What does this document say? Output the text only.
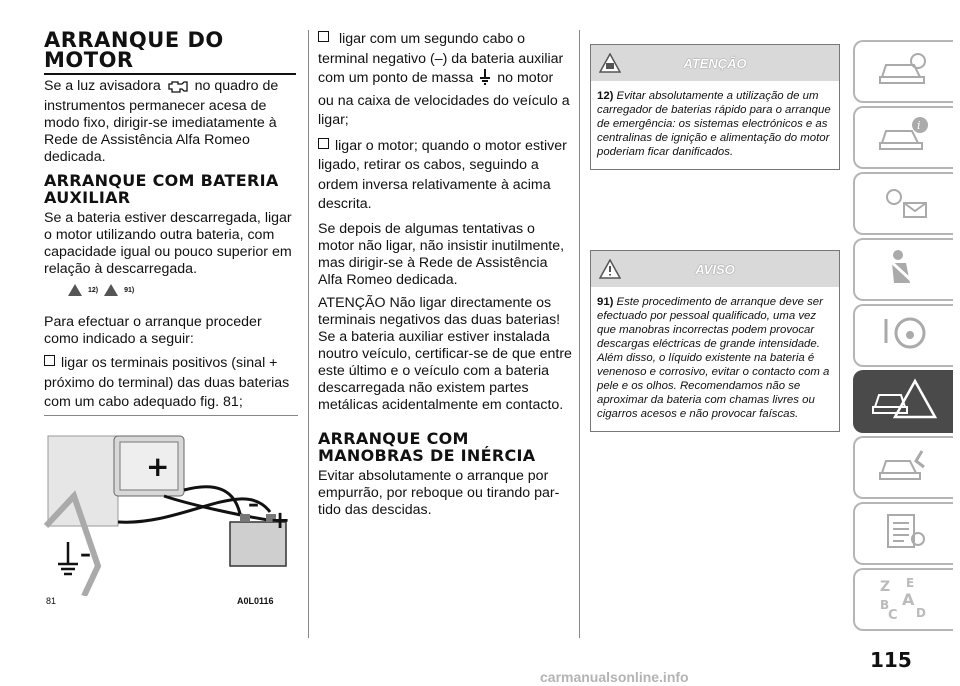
ARRANQUE DO MOTOR

Se a luz avisadora no quadro de instrumentos permanecer acesa de modo fixo, dirigir-se imediatamente à Rede de Assistência Alfa Romeo dedicada.

ARRANQUE COM BATERIA AUXILIAR

Se a bateria estiver descarregada, ligar o motor utilizando outra bateria, com capacidade igual ou pouco superior em relação à descarregada.

12)	91)

Para efectuar o arranque proceder como indicado a seguir:

ligar os terminais positivos (sinal + próximo do terminal) das duas baterias com um cabo adequado fig. 81;

+
–
+
–
81	A0L0116

ligar com um segundo cabo o terminal negativo (–) da bateria auxiliar com um ponto de massa no motor ou na caixa de velocidades do veículo a ligar;

ligar o motor; quando o motor estiver ligado, retirar os cabos, seguindo a ordem inversa relativamente à acima descrita.

Se depois de algumas tentativas o motor não ligar, não insistir inutilmente, mas dirigir-se à Rede de Assistência Alfa Romeo dedicada.

ATENÇÃO Não ligar directamente os terminais negativos das duas baterias! Se a bateria auxiliar estiver instalada noutro veículo, certificar-se de que entre este último e o veículo com a bateria descarregada não existem partes metálicas acidentalmente em contacto.

ARRANQUE COM MANOBRAS DE INÉRCIA

Evitar absolutamente o arranque por empurrão, por reboque ou tirando par-tido das descidas.

ATENÇÃO
12) Evitar absolutamente a utilização de um carregador de baterias rápido para o arranque de emergência: os sistemas electrónicos e as centralinas de ignição e alimentação do motor poderiam ficar danificados.
AVISO
91) Este procedimento de arranque deve ser efectuado por pessoal qualificado, uma vez que manobras incorrectas podem provocar descargas eléctricas de grande intensidade. Além disso, o líquido existente na bateria é venenoso e corrosivo, evitar o contacto com a pele e os olhos. Recomendamos não se aproximar da bateria com chamas livres ou cigarros acesos e não provocar faíscas.
i
Z E
B A
C D
115
carmanualsonline.info
